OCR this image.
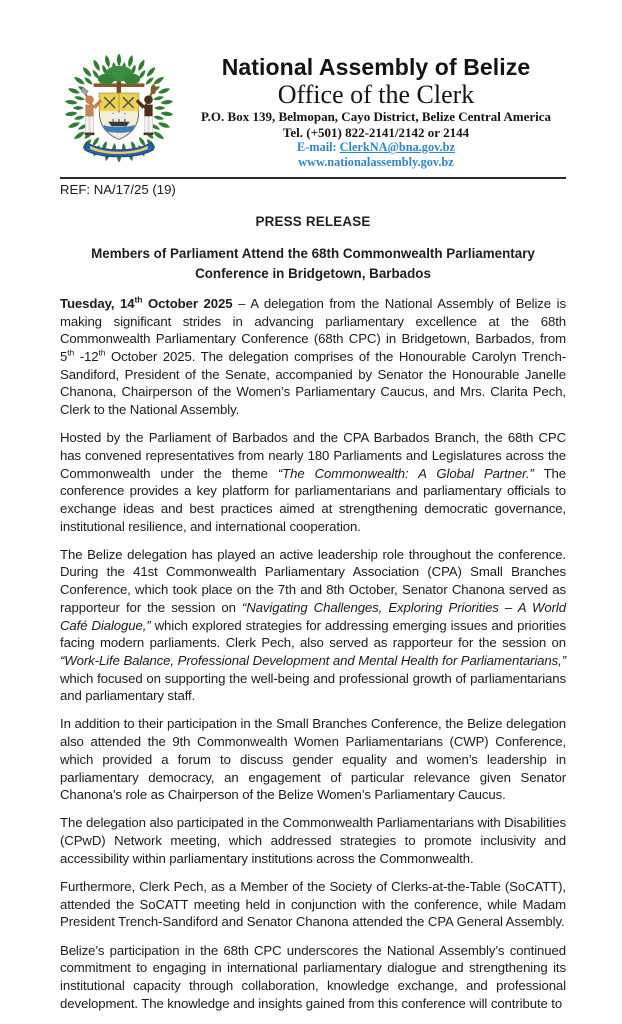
National Assembly of Belize
Office of the Clerk
P.O. Box 139, Belmopan, Cayo District, Belize Central America
Tel. (+501) 822-2141/2142 or 2144
E-mail: ClerkNA@bna.gov.bz
www.nationalassembly.gov.bz
REF: NA/17/25 (19)
PRESS RELEASE
Members of Parliament Attend the 68th Commonwealth Parliamentary Conference in Bridgetown, Barbados

Tuesday, 14th October 2025 – A delegation from the National Assembly of Belize is making significant strides in advancing parliamentary excellence at the 68th Commonwealth Parliamentary Conference (68th CPC) in Bridgetown, Barbados, from 5th -12th October 2025. The delegation comprises of the Honourable Carolyn Trench-Sandiford, President of the Senate, accompanied by Senator the Honourable Janelle Chanona, Chairperson of the Women’s Parliamentary Caucus, and Mrs. Clarita Pech, Clerk to the National Assembly.

Hosted by the Parliament of Barbados and the CPA Barbados Branch, the 68th CPC has convened representatives from nearly 180 Parliaments and Legislatures across the Commonwealth under the theme “The Commonwealth: A Global Partner.” The conference provides a key platform for parliamentarians and parliamentary officials to exchange ideas and best practices aimed at strengthening democratic governance, institutional resilience, and international cooperation.

The Belize delegation has played an active leadership role throughout the conference. During the 41st Commonwealth Parliamentary Association (CPA) Small Branches Conference, which took place on the 7th and 8th October, Senator Chanona served as rapporteur for the session on “Navigating Challenges, Exploring Priorities – A World Café Dialogue,” which explored strategies for addressing emerging issues and priorities facing modern parliaments. Clerk Pech, also served as rapporteur for the session on “Work-Life Balance, Professional Development and Mental Health for Parliamentarians,” which focused on supporting the well-being and professional growth of parliamentarians and parliamentary staff.

In addition to their participation in the Small Branches Conference, the Belize delegation also attended the 9th Commonwealth Women Parliamentarians (CWP) Conference, which provided a forum to discuss gender equality and women’s leadership in parliamentary democracy, an engagement of particular relevance given Senator Chanona’s role as Chairperson of the Belize Women’s Parliamentary Caucus.

The delegation also participated in the Commonwealth Parliamentarians with Disabilities (CPwD) Network meeting, which addressed strategies to promote inclusivity and accessibility within parliamentary institutions across the Commonwealth.

Furthermore, Clerk Pech, as a Member of the Society of Clerks-at-the-Table (SoCATT), attended the SoCATT meeting held in conjunction with the conference, while Madam President Trench-Sandiford and Senator Chanona attended the CPA General Assembly.

Belize’s participation in the 68th CPC underscores the National Assembly’s continued commitment to engaging in international parliamentary dialogue and strengthening its institutional capacity through collaboration, knowledge exchange, and professional development. The knowledge and insights gained from this conference will contribute to
